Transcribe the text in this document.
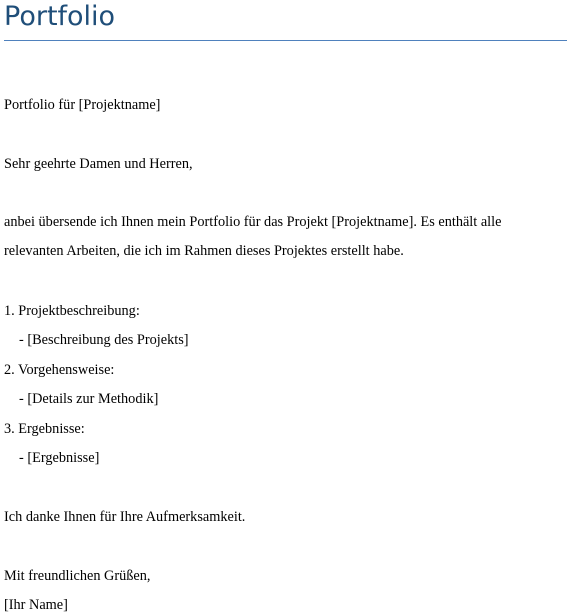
Portfolio
Portfolio für [Projektname]
Sehr geehrte Damen und Herren,
anbei übersende ich Ihnen mein Portfolio für das Projekt [Projektname]. Es enthält alle
relevanten Arbeiten, die ich im Rahmen dieses Projektes erstellt habe.
1. Projektbeschreibung:
- [Beschreibung des Projekts]
2. Vorgehensweise:
- [Details zur Methodik]
3. Ergebnisse:
- [Ergebnisse]
Ich danke Ihnen für Ihre Aufmerksamkeit.
Mit freundlichen Grüßen,
[Ihr Name]
